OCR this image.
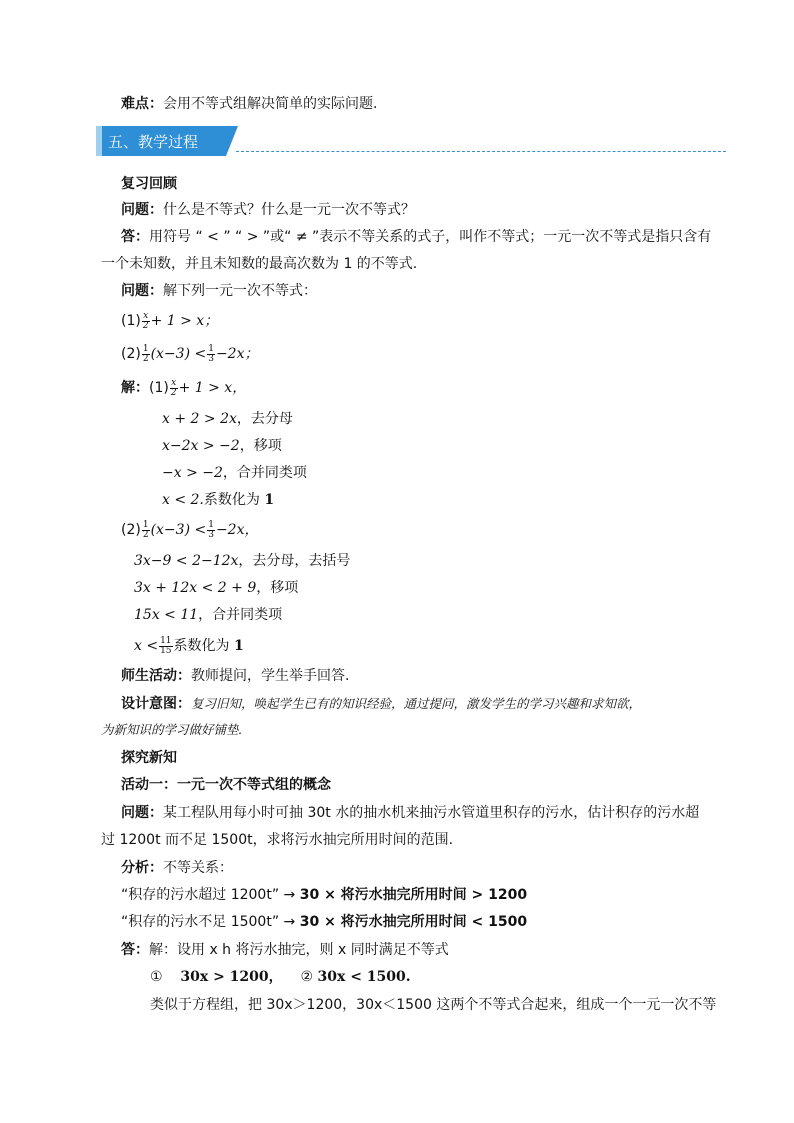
难点：会用不等式组解决简单的实际问题.
五、教学过程
复习回顾
问题：什么是不等式？什么是一元一次不等式？
答：用符号 “ < ” “ > ”或“ ≠ ”表示不等关系的式子，叫作不等式；一元一次不等式是指只含有
一个未知数，并且未知数的最高次数为 1 的不等式.
问题：解下列一元一次不等式：
$(1) \frac{x}{2} + 1 > x$；
$(2) \frac{1}{2} (x-3) < \frac{1}{3} -2x$；
解：$(1) \frac{x}{2} + 1 > x$，
x + 2 > 2x，去分母
x−2x > −2，移项
−x > −2，合并同类项
x < 2.系数化为 1
$(2) \frac{1}{2} (x-3) < \frac{1}{3} -2x$，
3x−9 < 2−12x，去分母，去括号
3x + 12x < 2 + 9，移项
15x < 11，合并同类项
$x < \frac{11}{15}$ 系数化为 1
师生活动：教师提问，学生举手回答.
设计意图：复习旧知，唤起学生已有的知识经验，通过提问，激发学生的学习兴趣和求知欲，
为新知识的学习做好铺垫.
探究新知
活动一：一元一次不等式组的概念
问题：某工程队用每小时可抽 30t 水的抽水机来抽污水管道里积存的污水，估计积存的污水超
过 1200t 而不足 1500t，求将污水抽完所用时间的范围.
分析：不等关系：
“积存的污水超过 1200t” → 30 × 将污水抽完所用时间 > 1200
“积存的污水不足 1500t” → 30 × 将污水抽完所用时间 < 1500
答：解：设用 x h 将污水抽完，则 x 同时满足不等式
① 30x > 1200， ② 30x < 1500.
类似于方程组，把 30x＞1200，30x＜1500 这两个不等式合起来，组成一个一元一次不等
